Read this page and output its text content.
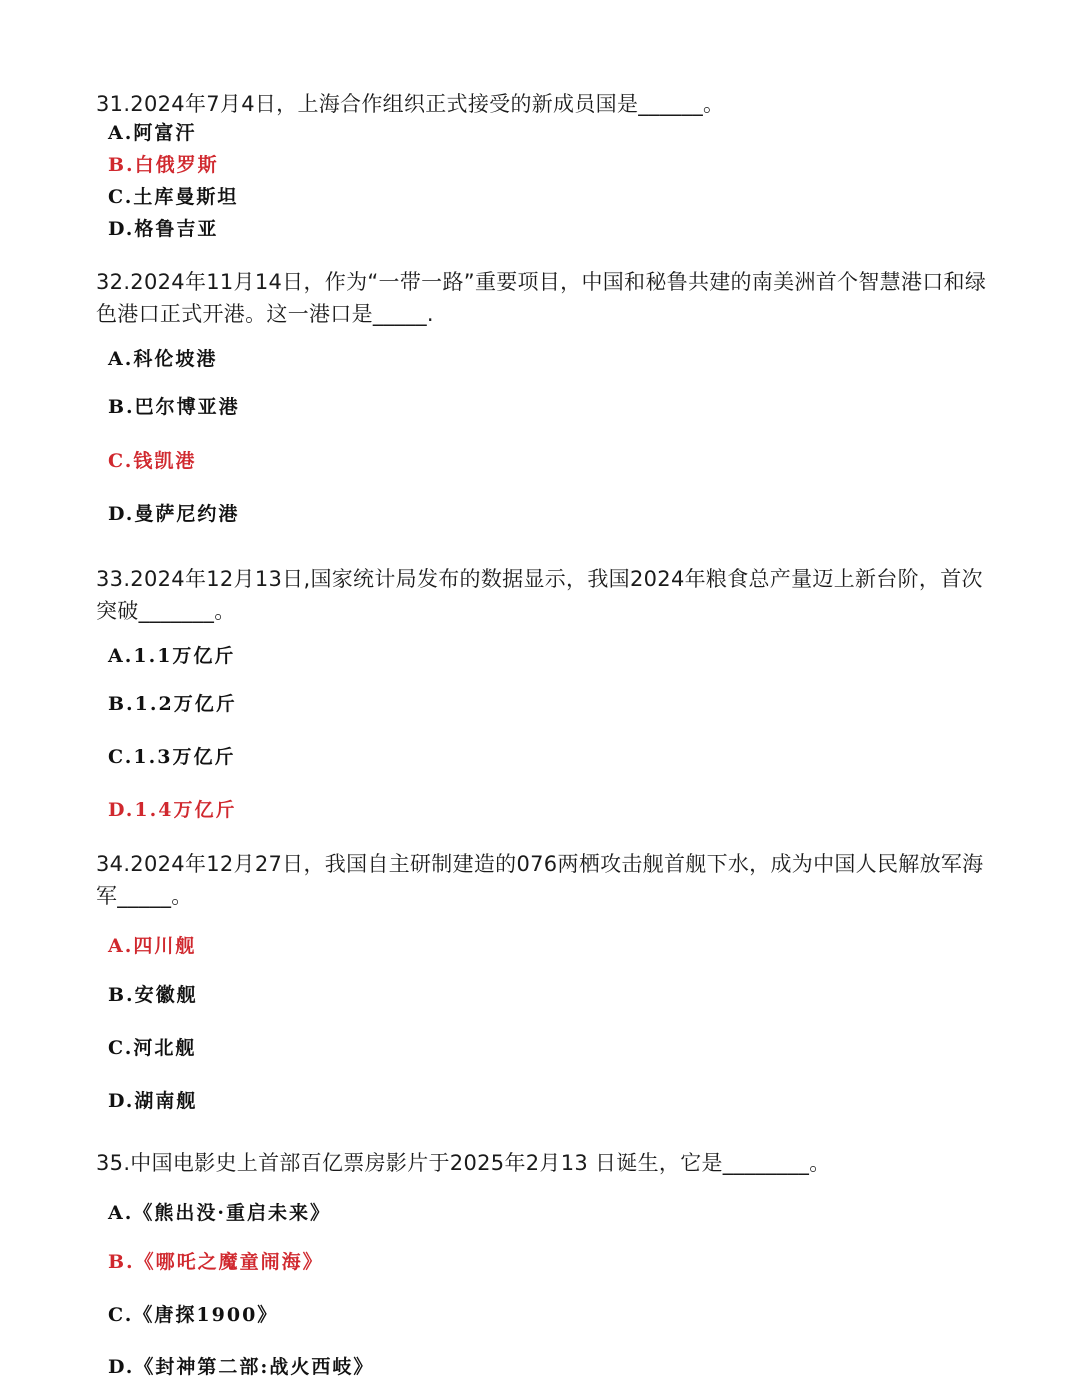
31.2024年7月4日，上海合作组织正式接受的新成员国是______。
A.阿富汗
B.白俄罗斯
C.土库曼斯坦
D.格鲁吉亚
32.2024年11月14日，作为“一带一路”重要项目，中国和秘鲁共建的南美洲首个智慧港口和绿色港口正式开港。这一港口是_____.
A.科伦坡港
B.巴尔博亚港
C.钱凯港
D.曼萨尼约港
33.2024年12月13日,国家统计局发布的数据显示，我国2024年粮食总产量迈上新台阶，首次突破_______。
A.1.1万亿斤
B.1.2万亿斤
C.1.3万亿斤
D.1.4万亿斤
34.2024年12月27日，我国自主研制建造的076两栖攻击舰首舰下水，成为中国人民解放军海军_____。
A.四川舰
B.安徽舰
C.河北舰
D.湖南舰
35.中国电影史上首部百亿票房影片于2025年2月13 日诞生，它是________。
A.《熊出没·重启未来》
B.《哪吒之魔童闹海》
C.《唐探1900》
D.《封神第二部:战火西岐》
